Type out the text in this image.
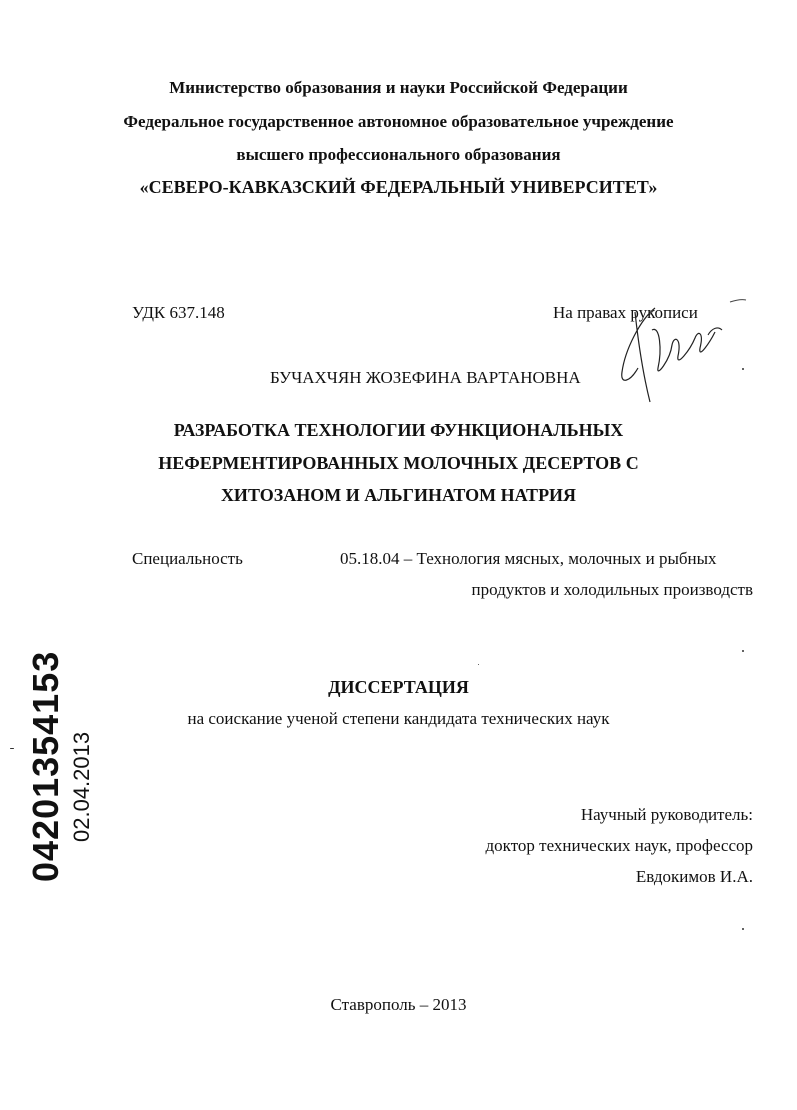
Министерство образования и науки Российской Федерации
Федеральное государственное автономное образовательное учреждение
высшего профессионального образования
«СЕВЕРО-КАВКАЗСКИЙ ФЕДЕРАЛЬНЫЙ УНИВЕРСИТЕТ»
УДК 637.148	На правах рукописи
БУЧАХЧЯН ЖОЗЕФИНА ВАРТАНОВНА
РАЗРАБОТКА ТЕХНОЛОГИИ ФУНКЦИОНАЛЬНЫХ
НЕФЕРМЕНТИРОВАННЫХ МОЛОЧНЫХ ДЕСЕРТОВ С
ХИТОЗАНОМ И АЛЬГИНАТОМ НАТРИЯ
Специальность	05.18.04 – Технология мясных, молочных и рыбных
продуктов и холодильных производств
ДИССЕРТАЦИЯ
на соискание ученой степени кандидата технических наук
Научный руководитель:
доктор технических наук, профессор
Евдокимов И.А.
Ставрополь – 2013
04201354153 02.04.2013
